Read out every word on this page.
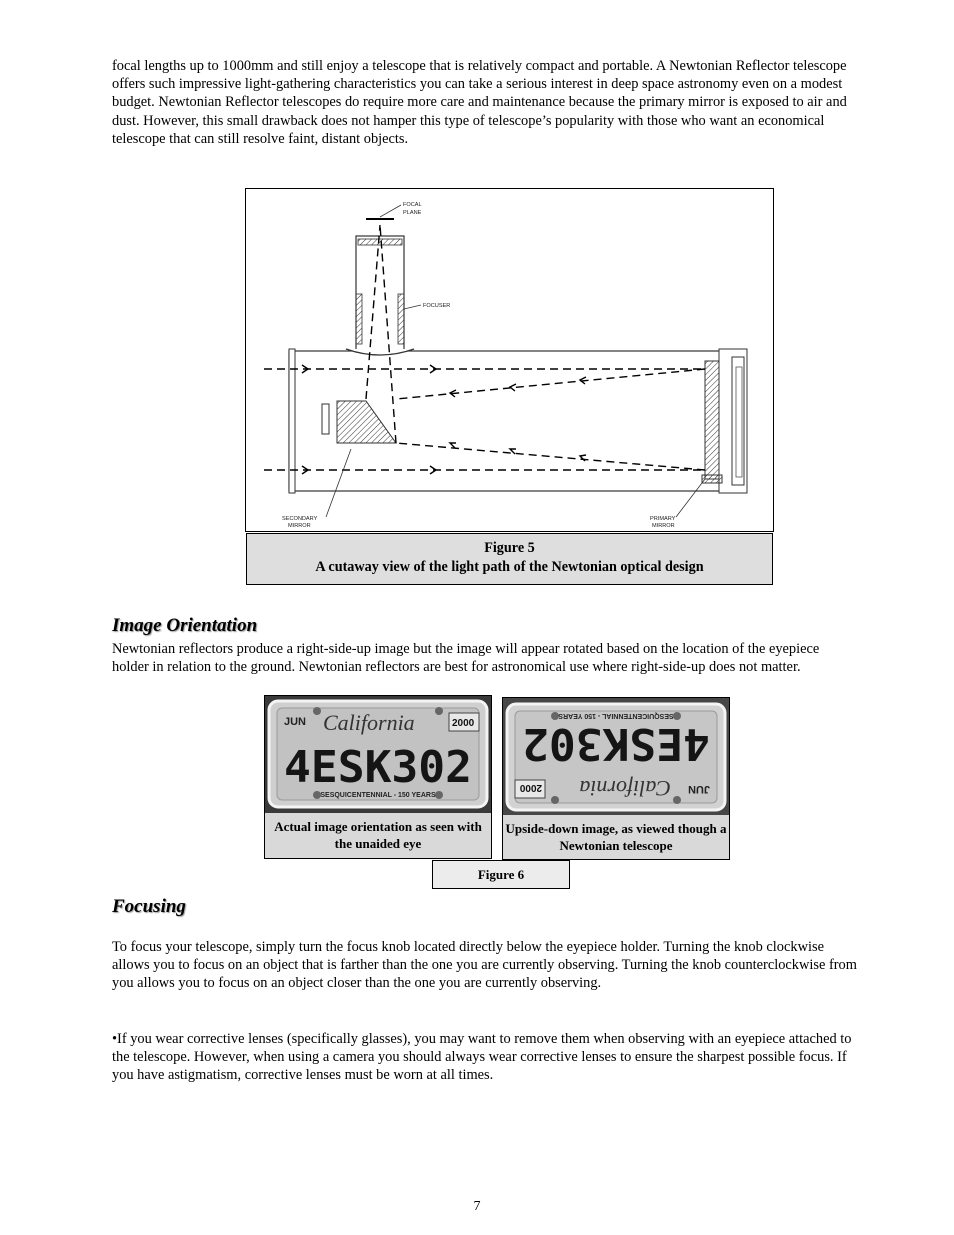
focal lengths up to 1000mm and still enjoy a telescope that is relatively compact and portable. A Newtonian Reflector telescope offers such impressive light-gathering characteristics you can take a serious interest in deep space astronomy even on a modest budget. Newtonian Reflector telescopes do require more care and maintenance because the primary mirror is exposed to air and dust. However, this small drawback does not hamper this type of telescope’s popularity with those who want an economical telescope that can still resolve faint, distant objects.

FOCAL
PLANE
FOCUSER
SECONDARY
MIRROR
PRIMARY
MIRROR
Figure 5
A cutaway view of the light path of the Newtonian optical design
Image Orientation

Newtonian reflectors produce a right-side-up image but the image will appear rotated based on the location of the eyepiece holder in relation to the ground. Newtonian reflectors are best for astronomical use where right-side-up does not matter.

JUN California	2000
4ESK302
SESQUICENTENNIAL - 150 YEARS
Actual image orientation as seen with the unaided eye
JUN
California
2000
4ESK302
SESQUICENTENNIAL - 150 YEARS
Upside-down image, as viewed though a Newtonian telescope
Figure 6
Focusing

To focus your telescope, simply turn the focus knob located directly below the eyepiece holder. Turning the knob clockwise allows you to focus on an object that is farther than the one you are currently observing. Turning the knob counterclockwise from you allows you to focus on an object closer than the one you are currently observing.

•If you wear corrective lenses (specifically glasses), you may want to remove them when observing with an eyepiece attached to the telescope. However, when using a camera you should always wear corrective lenses to ensure the sharpest possible focus. If you have astigmatism, corrective lenses must be worn at all times.

7
